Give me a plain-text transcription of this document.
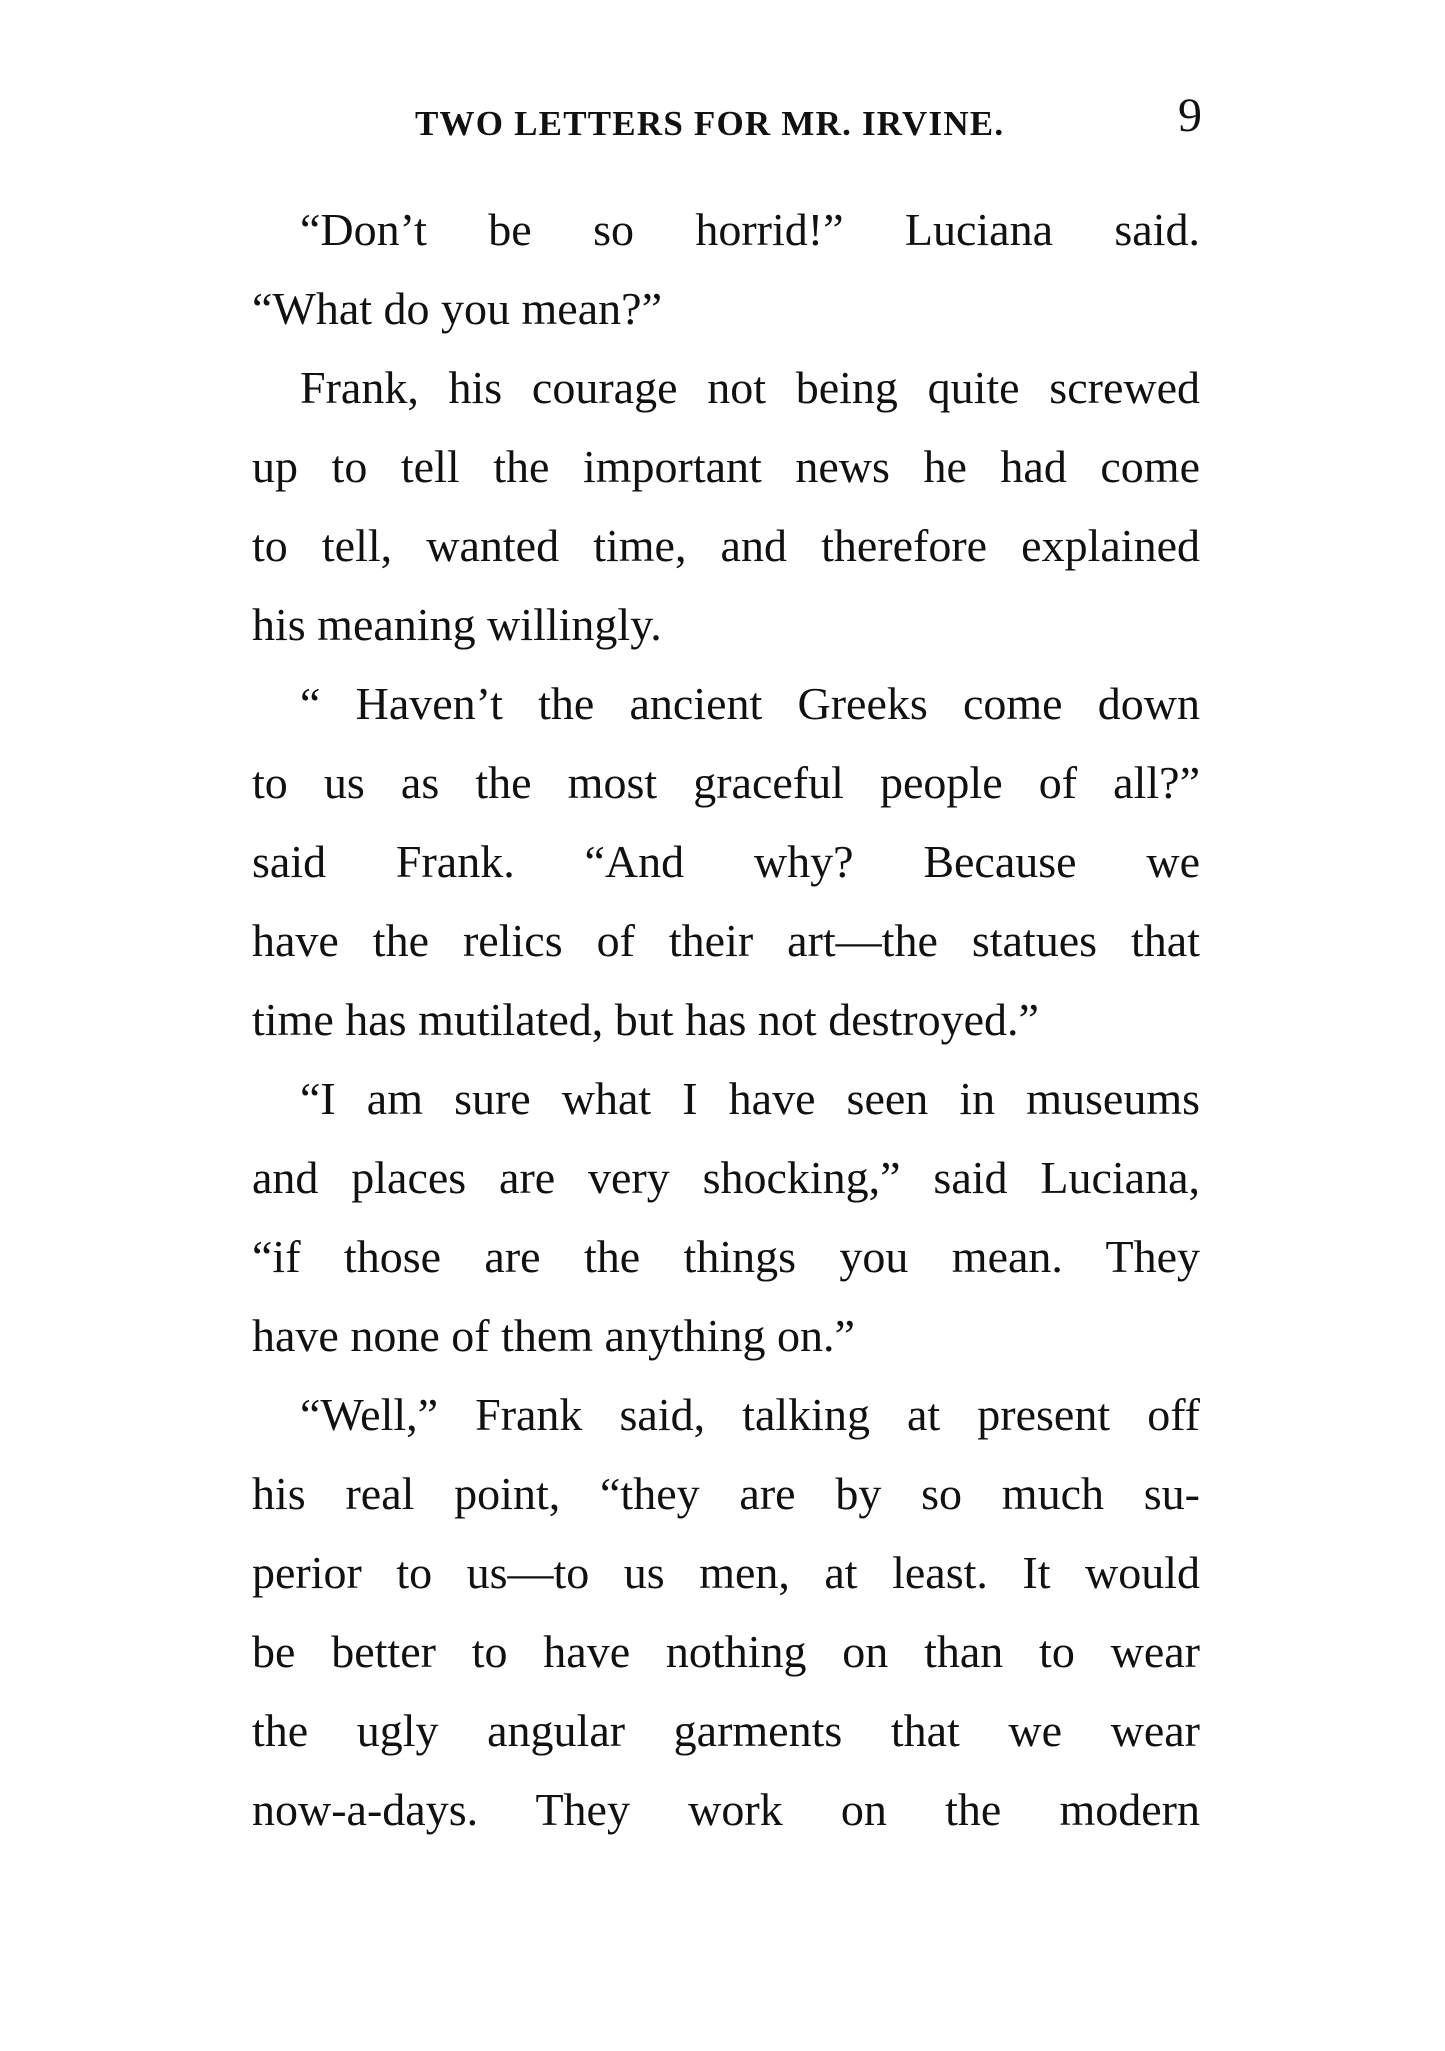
TWO LETTERS FOR MR. IRVINE.	9
“Don’t be so horrid!” Luciana said.
“What do you mean?”
Frank, his courage not being quite screwed
up to tell the important news he had come
to tell, wanted time, and therefore explained
his meaning willingly.
“ Haven’t the ancient Greeks come down
to us as the most graceful people of all?”
said Frank. “And why? Because we
have the relics of their art—the statues that
time has mutilated, but has not destroyed.”
“I am sure what I have seen in museums
and places are very shocking,” said Luciana,
“if those are the things you mean. They
have none of them anything on.”
“Well,” Frank said, talking at present off
his real point, “they are by so much su-
perior to us—to us men, at least. It would
be better to have nothing on than to wear
the ugly angular garments that we wear
now-a-days. They work on the modern
